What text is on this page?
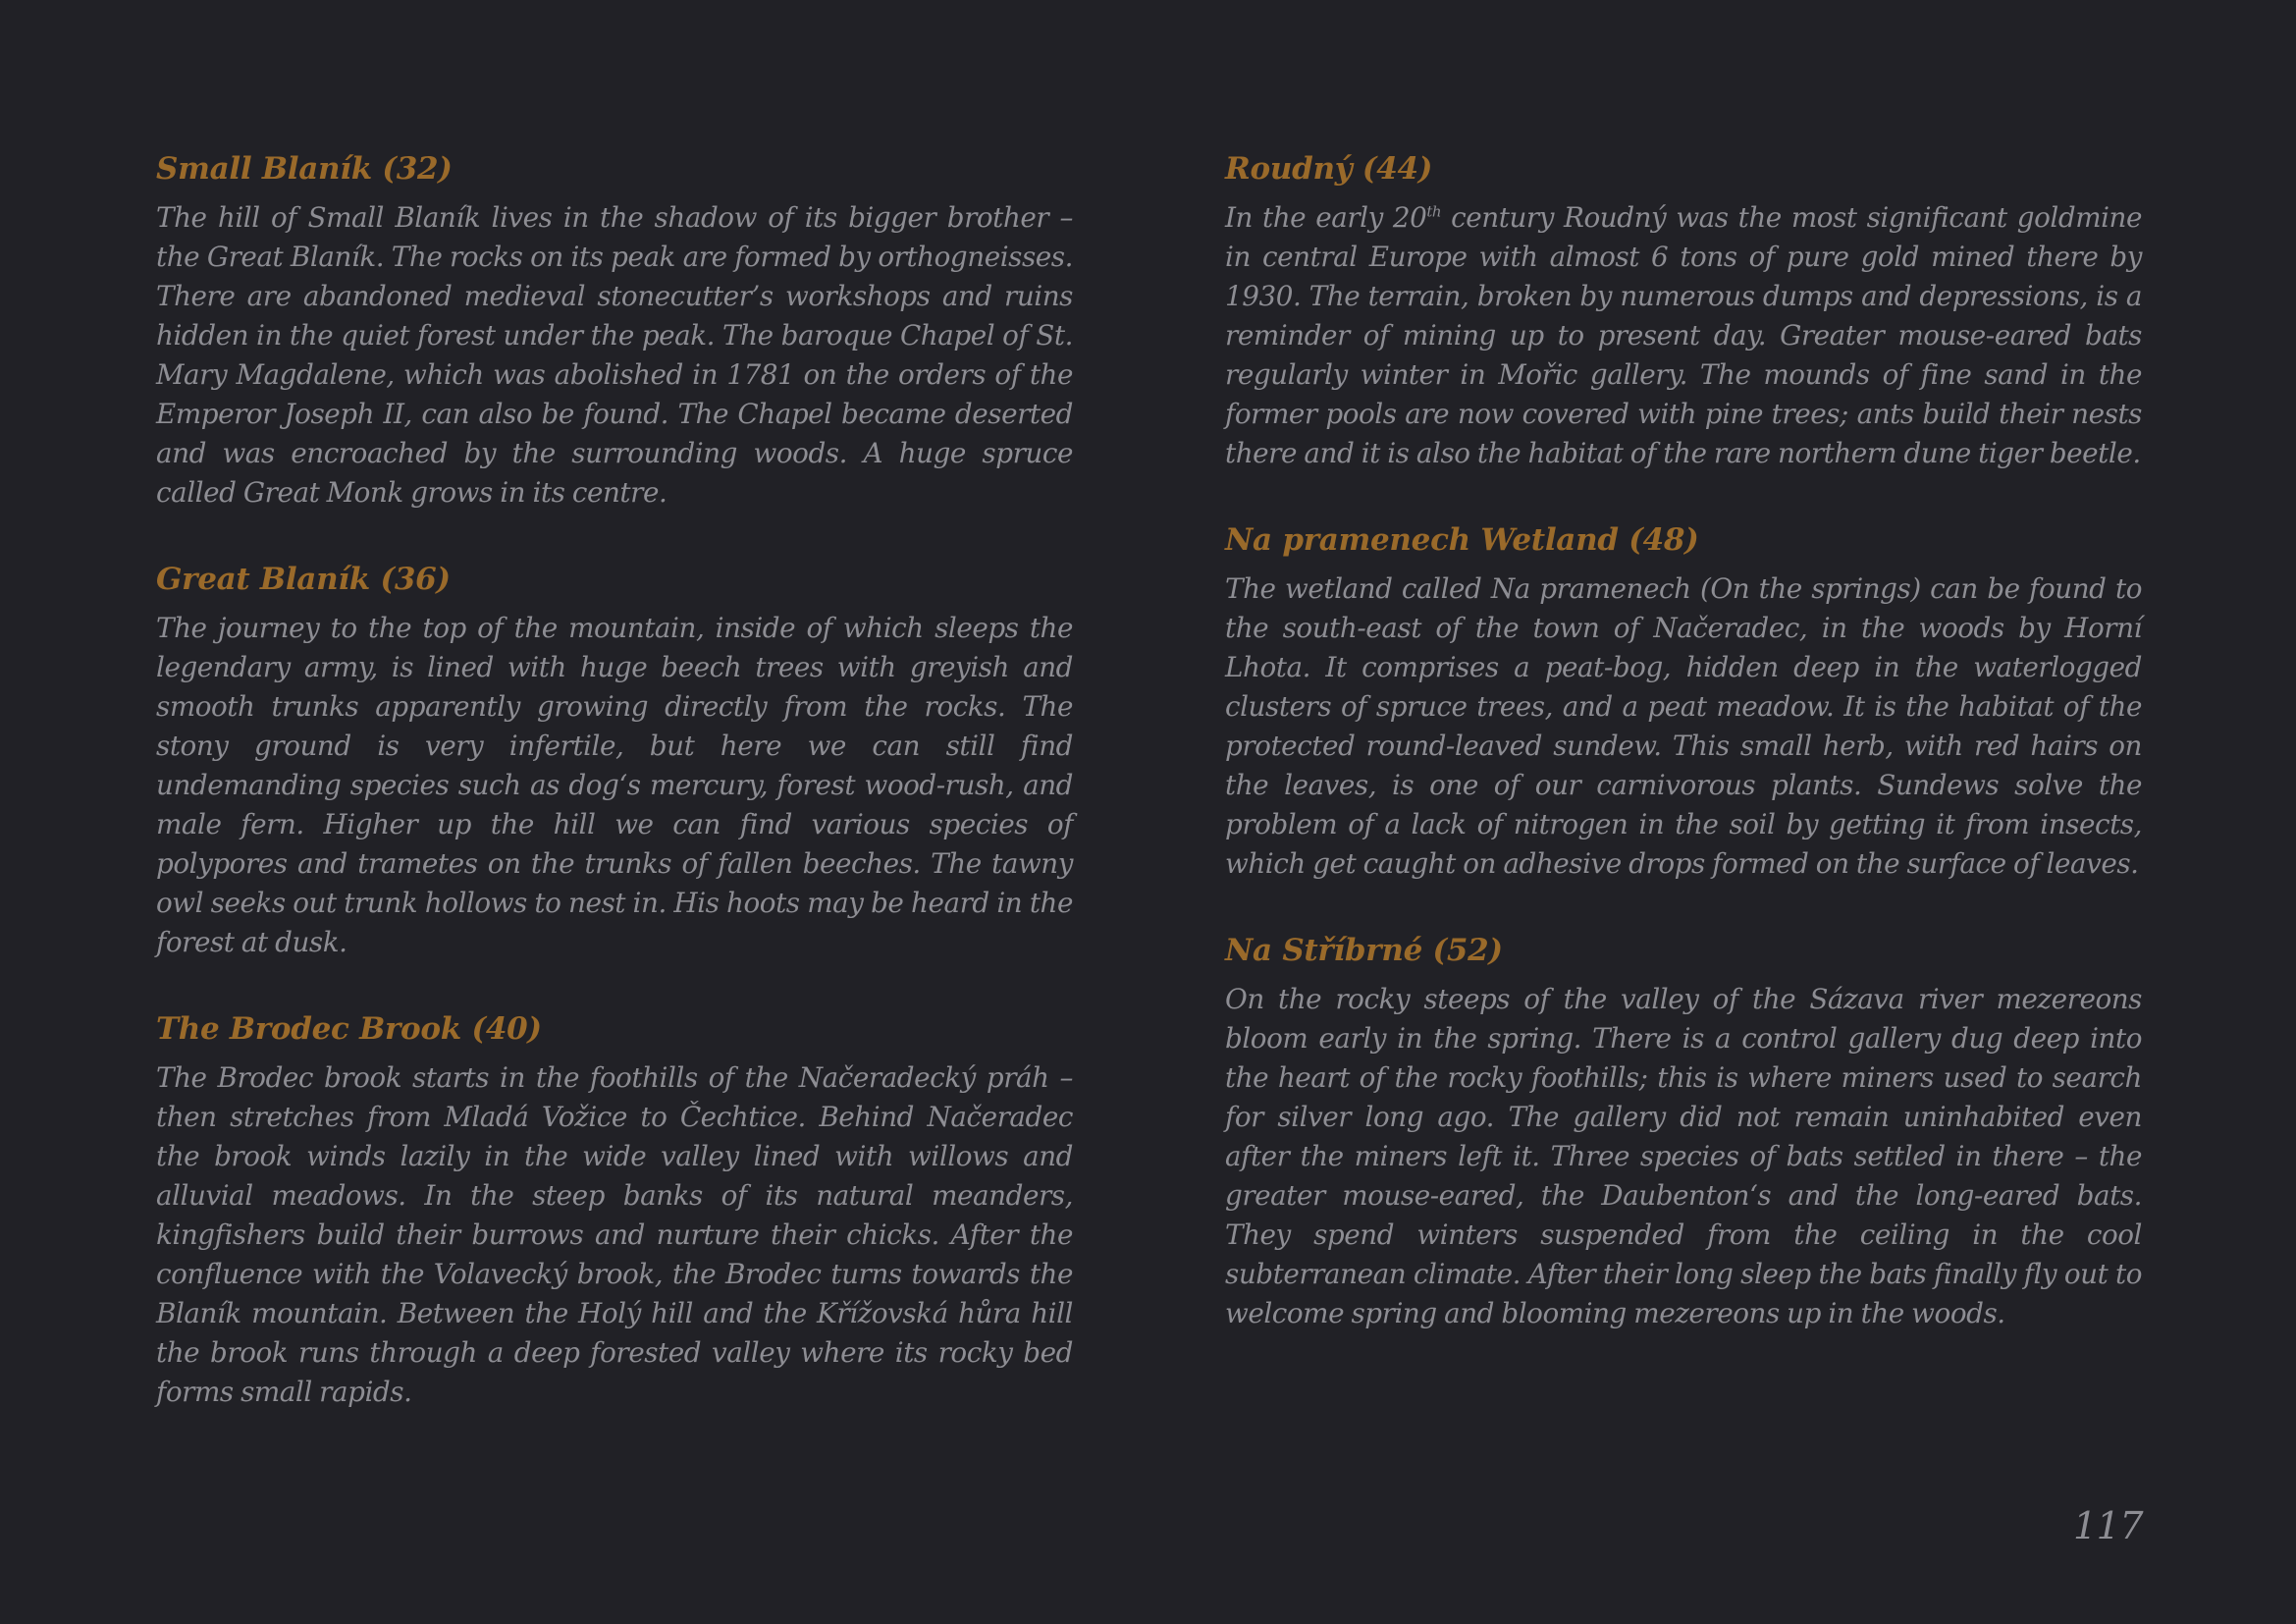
Small Blaník (32)

The hill of Small Blaník lives in the shadow of its bigger brother – the Great Blaník. The rocks on its peak are formed by orthogneisses. There are abandoned medieval stonecutter’s workshops and ruins hidden in the quiet forest under the peak. The baroque Chapel of St. Mary Magdalene, which was abolished in 1781 on the orders of the Emperor Joseph II, can also be found. The Chapel became deserted and was encroached by the surrounding woods. A huge spruce called Great Monk grows in its centre.

Great Blaník (36)

The journey to the top of the mountain, inside of which sleeps the legendary army, is lined with huge beech trees with greyish and smooth trunks apparently growing directly from the rocks. The stony ground is very infertile, but here we can still find undemanding species such as dog‘s mercury, forest wood-rush, and male fern. Higher up the hill we can find various species of polypores and trametes on the trunks of fallen beeches. The tawny owl seeks out trunk hollows to nest in. His hoots may be heard in the forest at dusk.

The Brodec Brook (40)

The Brodec brook starts in the foothills of the Načeradecký práh – then stretches from Mladá Vožice to Čechtice. Behind Načeradec the brook winds lazily in the wide valley lined with willows and alluvial meadows. In the steep banks of its natural meanders, kingfishers build their burrows and nurture their chicks. After the confluence with the Volavecký brook, the Brodec turns towards the Blaník mountain. Between the Holý hill and the Křížovská hůra hill the brook runs through a deep forested valley where its rocky bed forms small rapids.

Roudný (44)

In the early 20th century Roudný was the most significant goldmine in central Europe with almost 6 tons of pure gold mined there by 1930. The terrain, broken by numerous dumps and depressions, is a reminder of mining up to present day. Greater mouse-eared bats regularly winter in Mořic gallery. The mounds of fine sand in the former pools are now covered with pine trees; ants build their nests there and it is also the habitat of the rare northern dune tiger beetle.

Na pramenech Wetland (48)

The wetland called Na pramenech (On the springs) can be found to the south-east of the town of Načeradec, in the woods by Horní Lhota. It comprises a peat-bog, hidden deep in the waterlogged clusters of spruce trees, and a peat meadow. It is the habitat of the protected round-leaved sundew. This small herb, with red hairs on the leaves, is one of our carnivorous plants. Sundews solve the problem of a lack of nitrogen in the soil by getting it from insects, which get caught on adhesive drops formed on the surface of leaves.

Na Stříbrné (52)

On the rocky steeps of the valley of the Sázava river mezereons bloom early in the spring. There is a control gallery dug deep into the heart of the rocky foothills; this is where miners used to search for silver long ago. The gallery did not remain uninhabited even after the miners left it. Three species of bats settled in there – the greater mouse-eared, the Daubenton‘s and the long-eared bats. They spend winters suspended from the ceiling in the cool subterranean climate. After their long sleep the bats finally fly out to welcome spring and blooming mezereons up in the woods.

117
